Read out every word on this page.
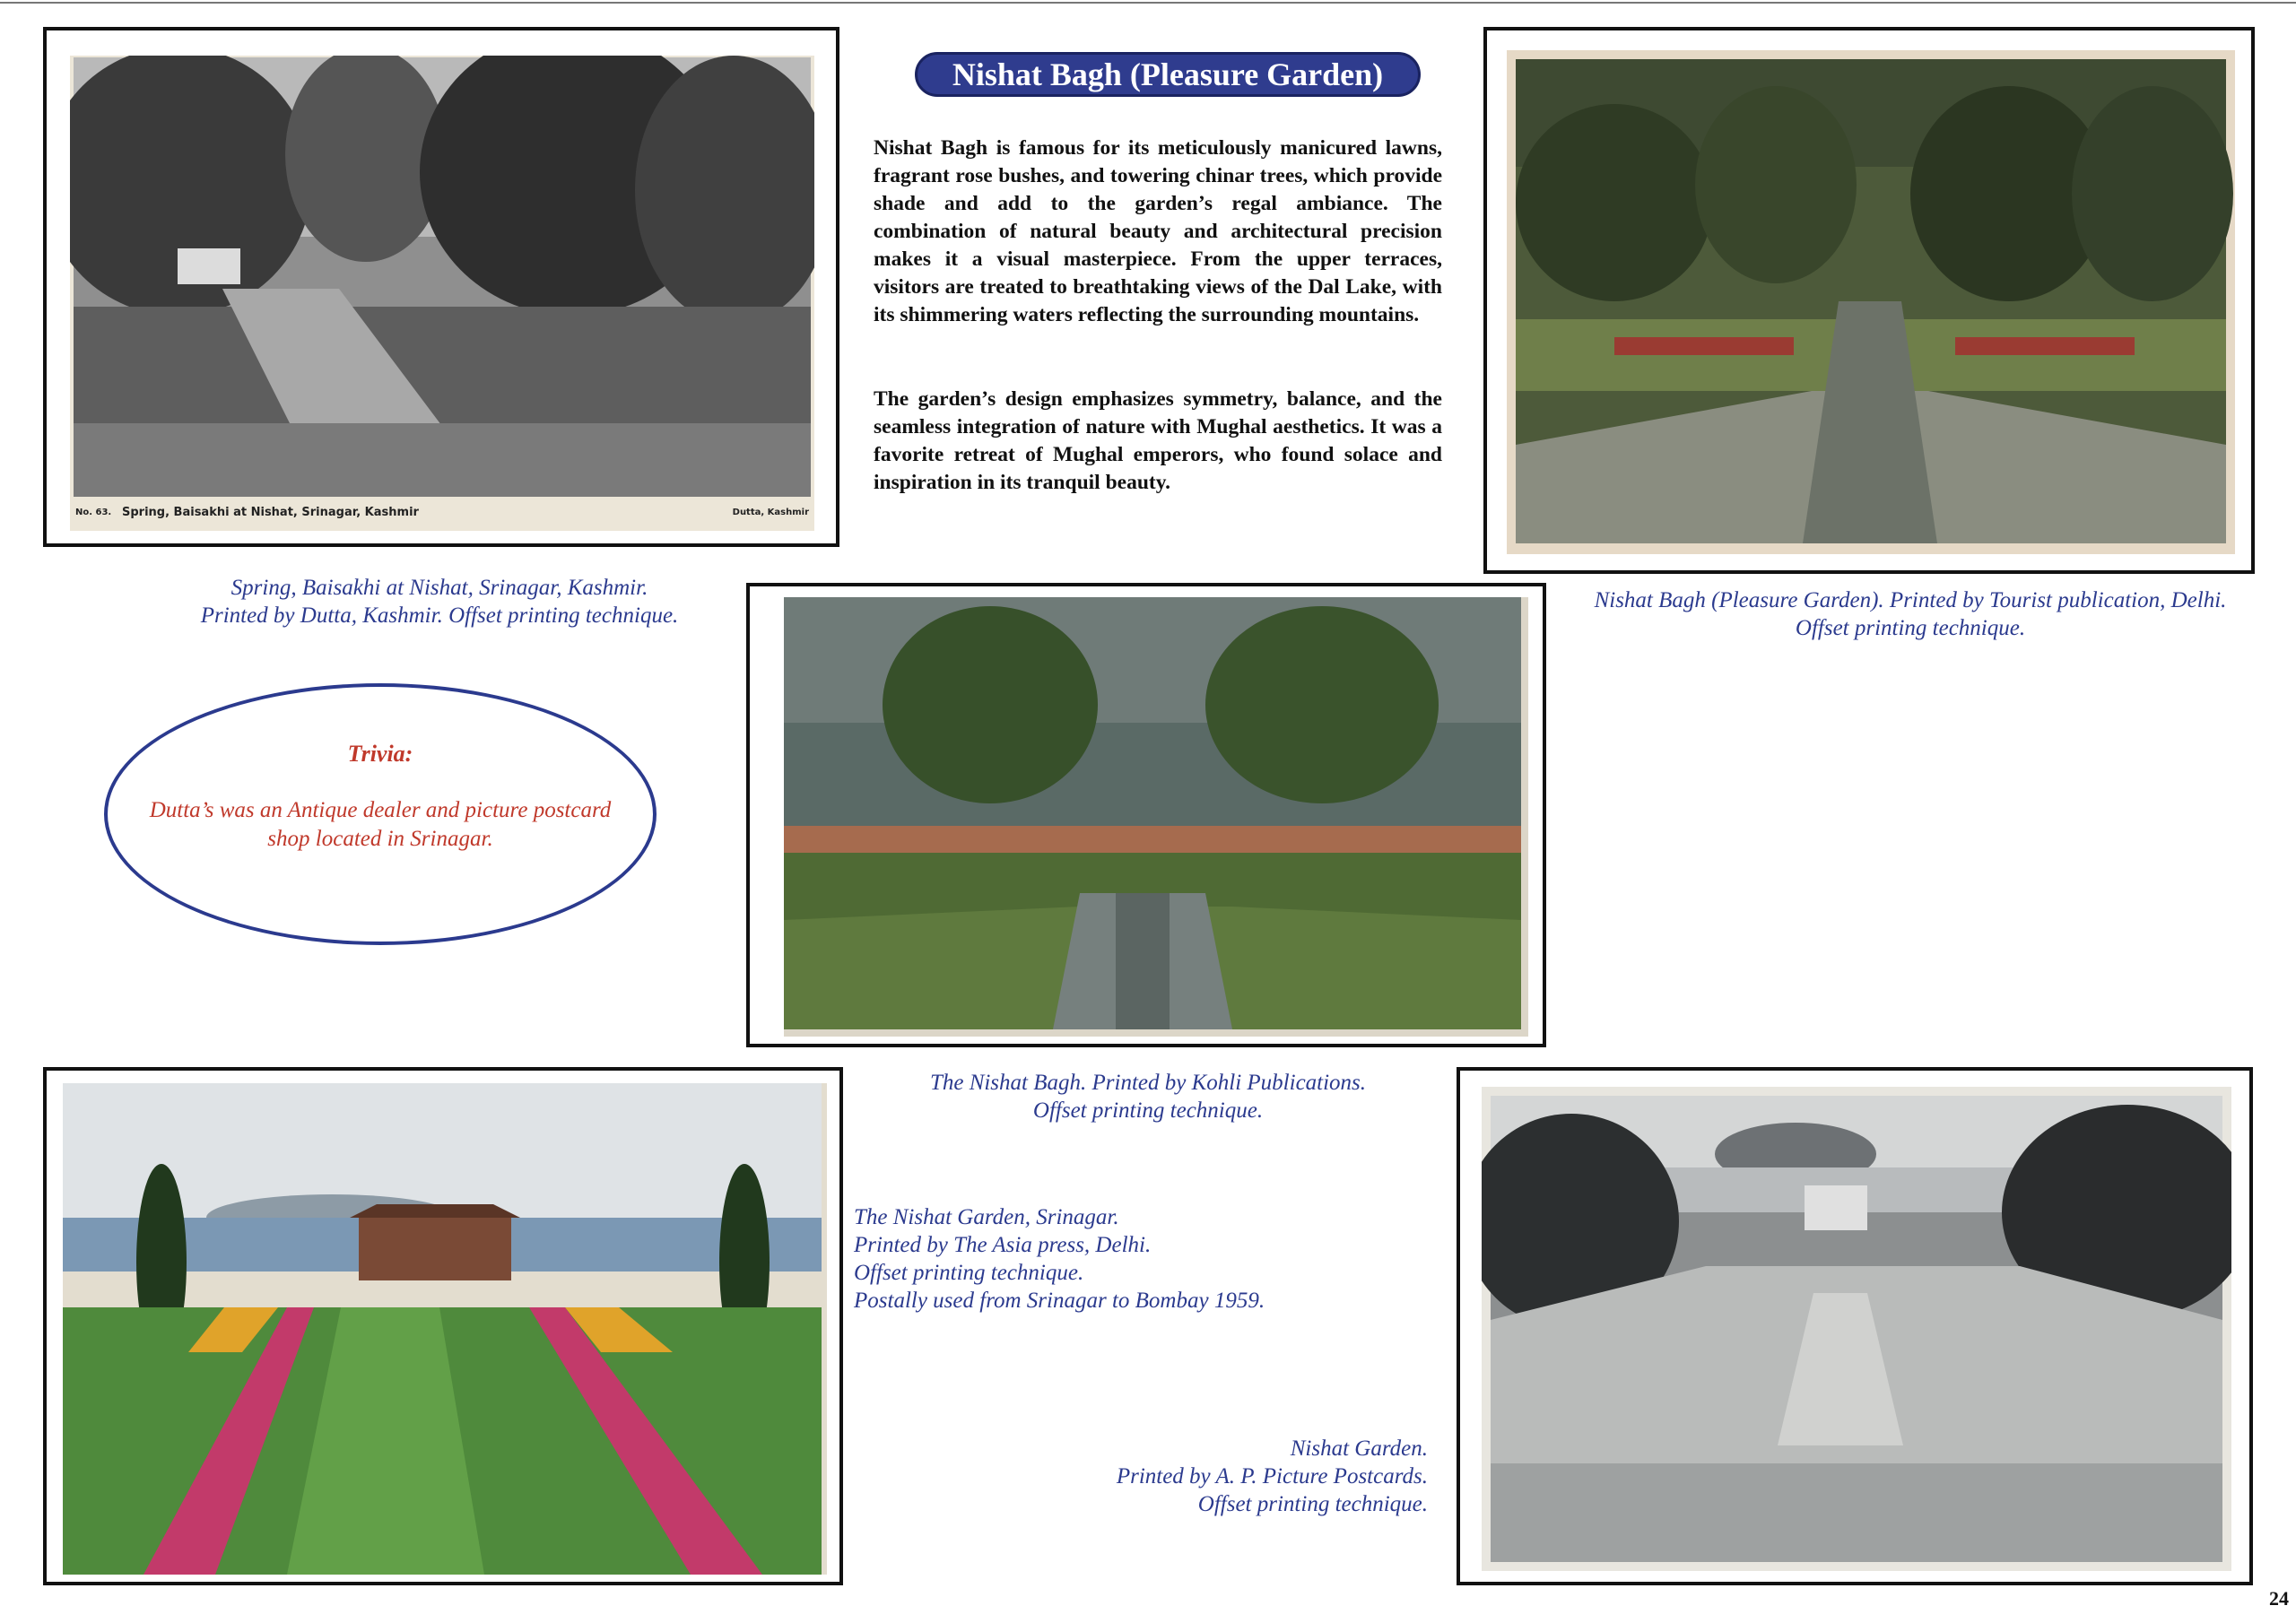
Nishat Bagh (Pleasure Garden)
Nishat Bagh is famous for its meticulously manicured lawns, fragrant rose bushes, and towering chinar trees, which provide shade and add to the garden’s regal ambiance. The combination of natural beauty and architectural precision makes it a visual masterpiece. From the upper terraces, visitors are treated to breathtaking views of the Dal Lake, with its shimmering waters reflecting the surrounding mountains.
The garden’s design emphasizes symmetry, balance, and the seamless integration of nature with Mughal aesthetics. It was a favorite retreat of Mughal emperors, who found solace and inspiration in its tranquil beauty.
No. 63. Spring, Baisakhi at Nishat, Srinagar, Kashmir	Dutta, Kashmir
Spring, Baisakhi at Nishat, Srinagar, Kashmir.
Printed by Dutta, Kashmir. Offset printing technique.
Nishat Bagh (Pleasure Garden). Printed by Tourist publication, Delhi.
Offset printing technique.
Trivia:
Dutta’s was an Antique dealer and picture postcard shop located in Srinagar.
The Nishat Bagh. Printed by Kohli Publications.
Offset printing technique.
The Nishat Garden, Srinagar.
Printed by The Asia press, Delhi.
Offset printing technique.
Postally used from Srinagar to Bombay 1959.
Nishat Garden.
Printed by A. P. Picture Postcards.
Offset printing technique.
24
